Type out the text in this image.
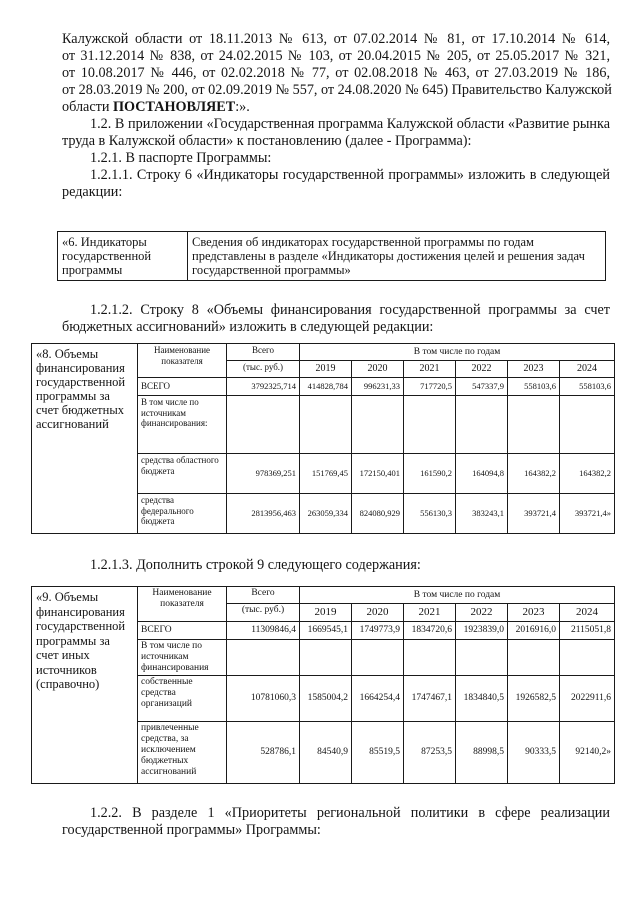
Калужской области от 18.11.2013 № 613, от 07.02.2014 № 81, от 17.10.2014 № 614,
от 31.12.2014 № 838, от 24.02.2015 № 103, от 20.04.2015 № 205, от 25.05.2017 № 321,
от 10.08.2017 № 446, от 02.02.2018 № 77, от 02.08.2018 № 463, от 27.03.2019 № 186,
от 28.03.2019 № 200, от 02.09.2019 № 557, от 24.08.2020 № 645) Правительство Калужской
области ПОСТАНОВЛЯЕТ:».
1.2. В приложении «Государственная программа Калужской области «Развитие рынка
труда в Калужской области» к постановлению (далее - Программа):
1.2.1. В паспорте Программы:
1.2.1.1. Строку 6 «Индикаторы государственной программы» изложить в следующей
редакции:
«6. Индикаторы государственной программы	Сведения об индикаторах государственной программы по годам представлены в разделе «Индикаторы достижения целей и решения задач государственной программы»
1.2.1.2. Строку 8 «Объемы финансирования государственной программы за счет
бюджетных ассигнований» изложить в следующей редакции:
«8. Объемы финансирования государственной программы за счет бюджетных ассигнований	Наименование показателя	Всего	В том числе по годам					
		(тыс. руб.)	2019	2020	2021	2022	2023	2024
	ВСЕГО	3792325,714	414828,784	996231,33	717720,5	547337,9	558103,6	558103,6
	В том числе по источникам финансирования:							
	средства областного бюджета	978369,251	151769,45	172150,401	161590,2	164094,8	164382,2	164382,2
	средства федерального бюджета	2813956,463	263059,334	824080,929	556130,3	383243,1	393721,4	393721,4»
1.2.1.3. Дополнить строкой 9 следующего содержания:
«9. Объемы финансирования государственной программы за счет иных источников (справочно)	Наименование показателя	Всего	В том числе по годам					
		(тыс. руб.)	2019	2020	2021	2022	2023	2024
	ВСЕГО	11309846,4	1669545,1	1749773,9	1834720,6	1923839,0	2016916,0	2115051,8
	В том числе по источникам финансирования							
	собственные средства организаций	10781060,3	1585004,2	1664254,4	1747467,1	1834840,5	1926582,5	2022911,6
	привлеченные средства, за исключением бюджетных ассигнований	528786,1	84540,9	85519,5	87253,5	88998,5	90333,5	92140,2»
1.2.2. В разделе 1 «Приоритеты региональной политики в сфере реализации
государственной программы» Программы:
